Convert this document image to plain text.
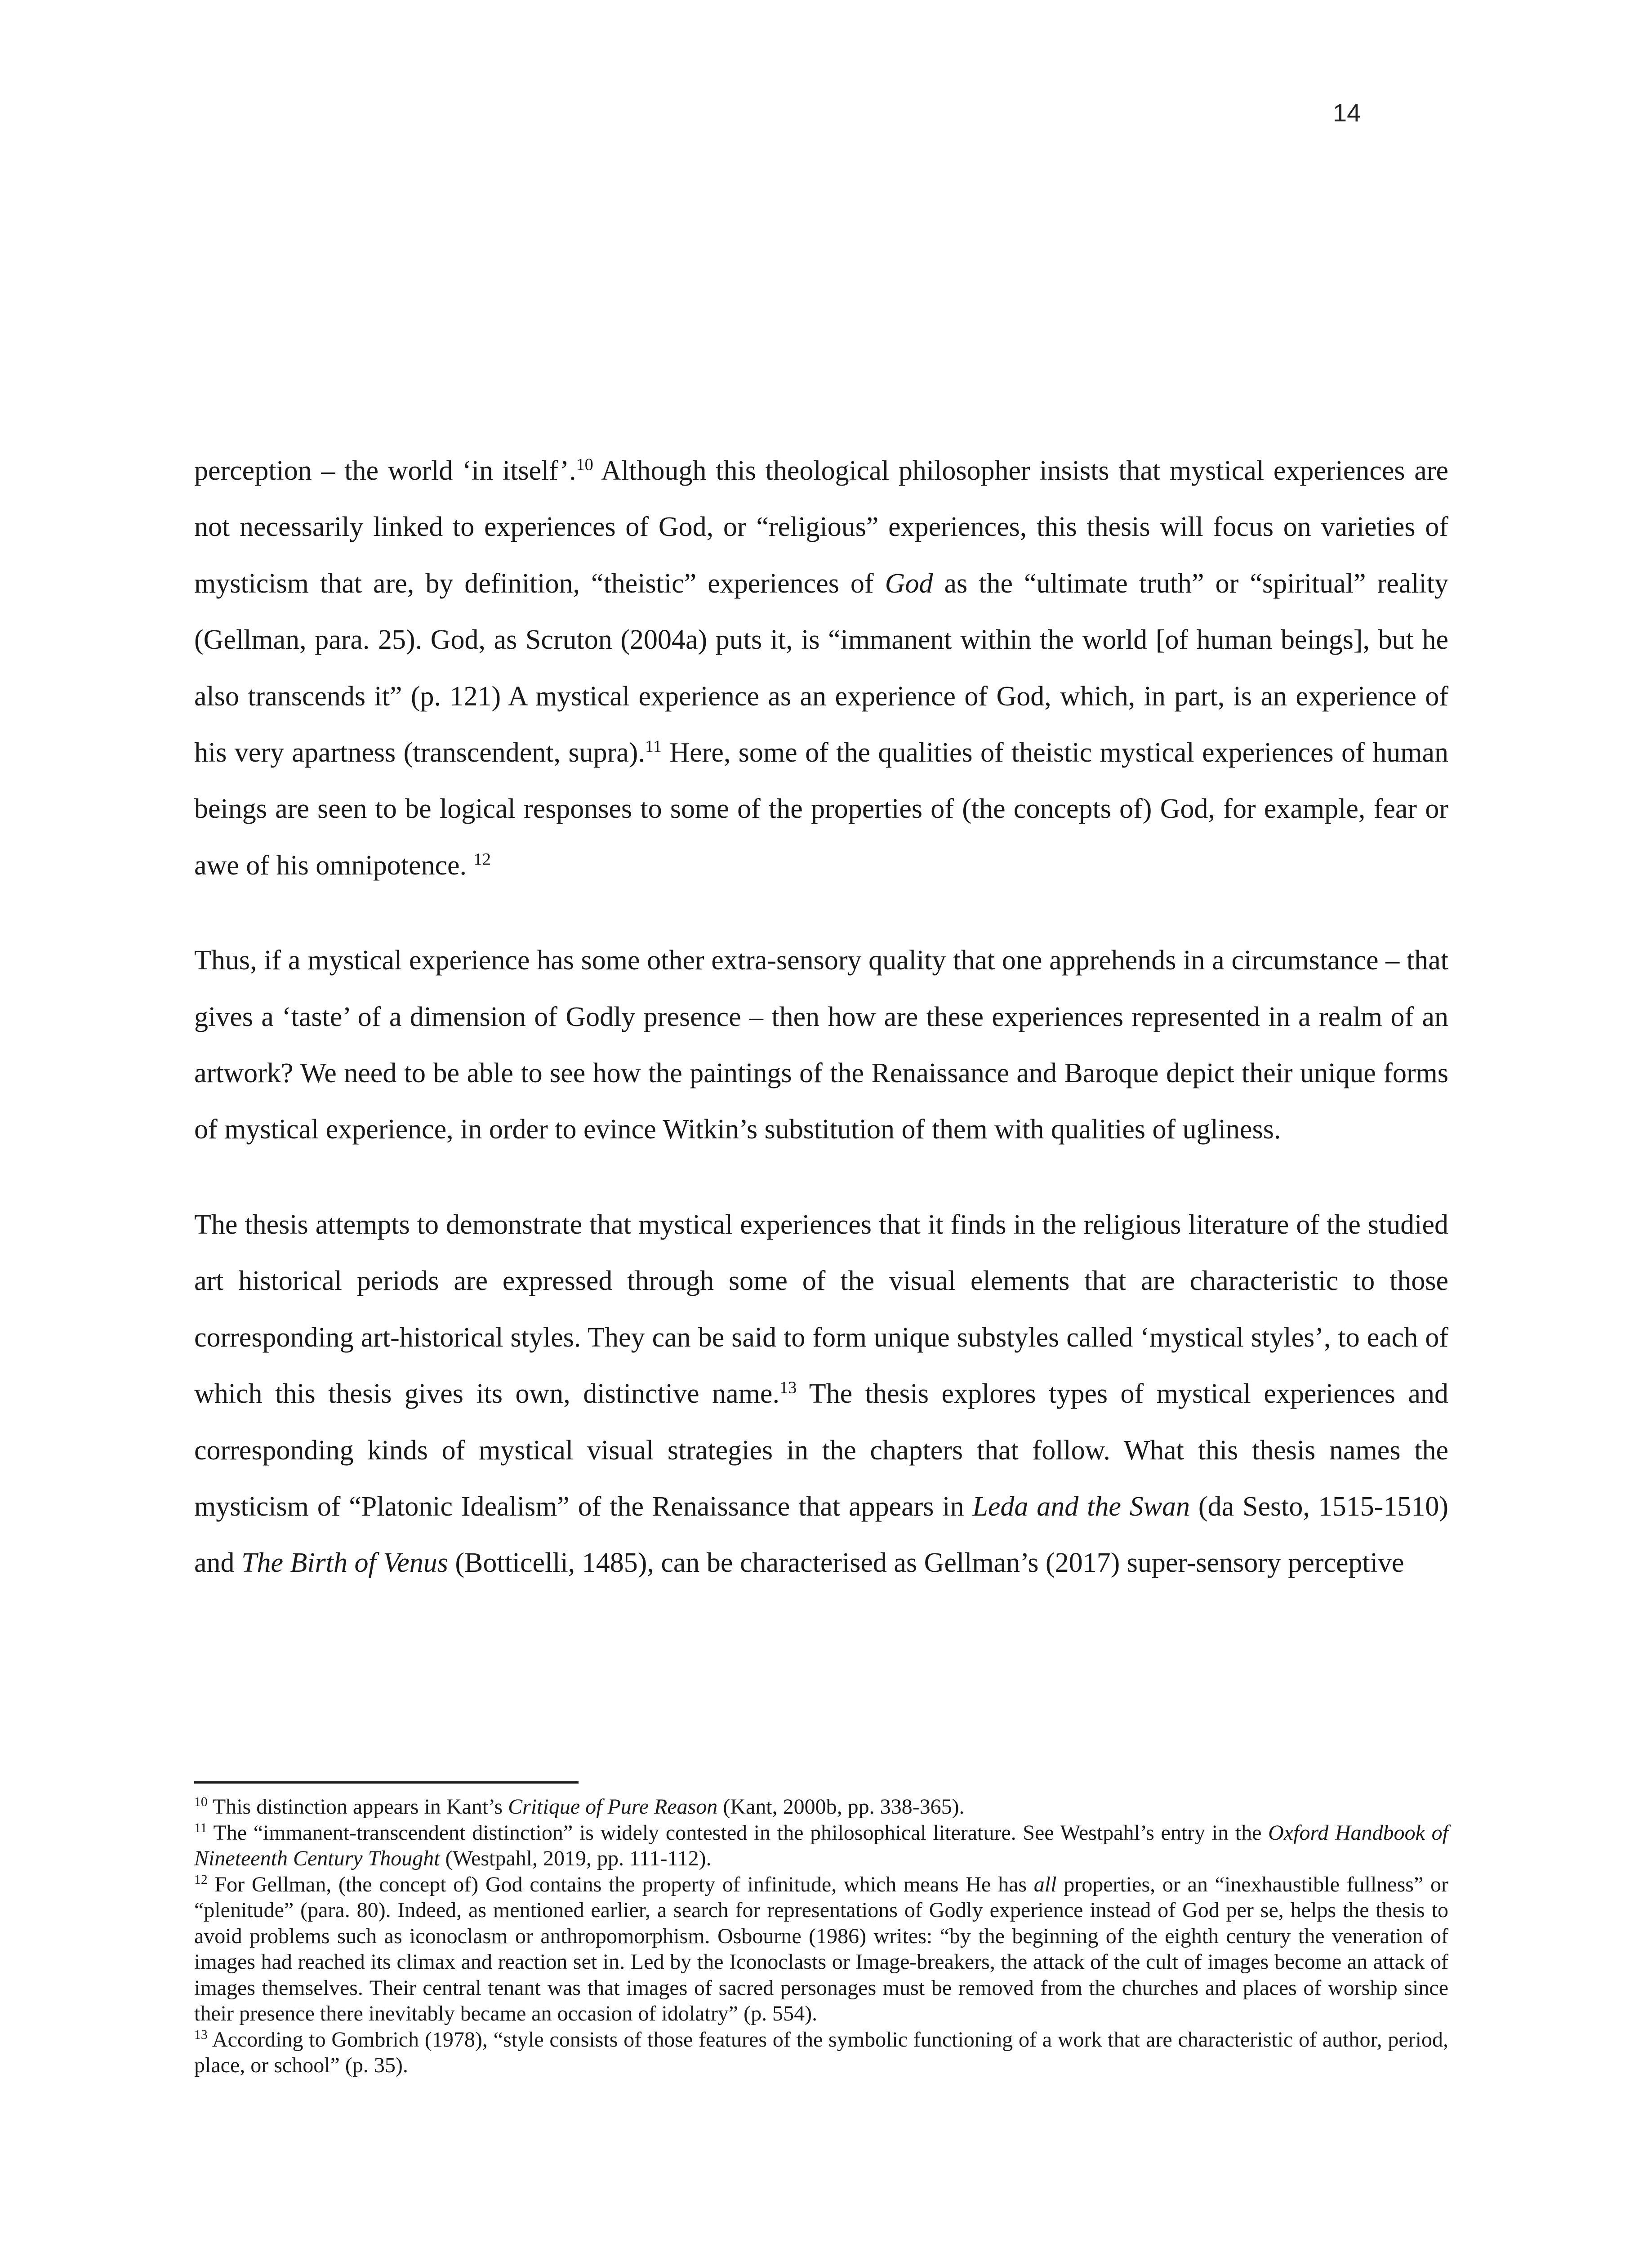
14

perception – the world ‘in itself’.$^{10}$ Although this theological philosopher insists that mystical experiences are not necessarily linked to experiences of God, or “religious” experiences, this thesis will focus on varieties of mysticism that are, by definition, “theistic” experiences of God as the “ultimate truth” or “spiritual” reality (Gellman, para. 25). God, as Scruton (2004a) puts it, is “immanent within the world [of human beings], but he also transcends it” (p. 121) A mystical experience as an experience of God, which, in part, is an experience of his very apartness (transcendent, supra).$^{11}$ Here, some of the qualities of theistic mystical experiences of human beings are seen to be logical responses to some of the properties of (the concepts of) God, for example, fear or awe of his omnipotence. $^{12}$

Thus, if a mystical experience has some other extra-sensory quality that one apprehends in a circumstance – that gives a ‘taste’ of a dimension of Godly presence – then how are these experiences represented in a realm of an artwork? We need to be able to see how the paintings of the Renaissance and Baroque depict their unique forms of mystical experience, in order to evince Witkin’s substitution of them with qualities of ugliness.

The thesis attempts to demonstrate that mystical experiences that it finds in the religious literature of the studied art historical periods are expressed through some of the visual elements that are characteristic to those corresponding art-historical styles. They can be said to form unique substyles called ‘mystical styles’, to each of which this thesis gives its own, distinctive name.$^{13}$ The thesis explores types of mystical experiences and corresponding kinds of mystical visual strategies in the chapters that follow. What this thesis names the mysticism of “Platonic Idealism” of the Renaissance that appears in Leda and the Swan (da Sesto, 1515-1510) and The Birth of Venus (Botticelli, 1485), can be characterised as Gellman’s (2017) super-sensory perceptive

$^{10}$ This distinction appears in Kant’s Critique of Pure Reason (Kant, 2000b, pp. 338-365).

$^{11}$ The “immanent-transcendent distinction” is widely contested in the philosophical literature. See Westpahl’s entry in the Oxford Handbook of Nineteenth Century Thought (Westpahl, 2019, pp. 111-112).

$^{12}$ For Gellman, (the concept of) God contains the property of infinitude, which means He has all properties, or an “inexhaustible fullness” or “plenitude” (para. 80). Indeed, as mentioned earlier, a search for representations of Godly experience instead of God per se, helps the thesis to avoid problems such as iconoclasm or anthropomorphism. Osbourne (1986) writes: “by the beginning of the eighth century the veneration of images had reached its climax and reaction set in. Led by the Iconoclasts or Image-breakers, the attack of the cult of images become an attack of images themselves. Their central tenant was that images of sacred personages must be removed from the churches and places of worship since their presence there inevitably became an occasion of idolatry” (p. 554).

$^{13}$ According to Gombrich (1978), “style consists of those features of the symbolic functioning of a work that are characteristic of author, period, place, or school” (p. 35).
